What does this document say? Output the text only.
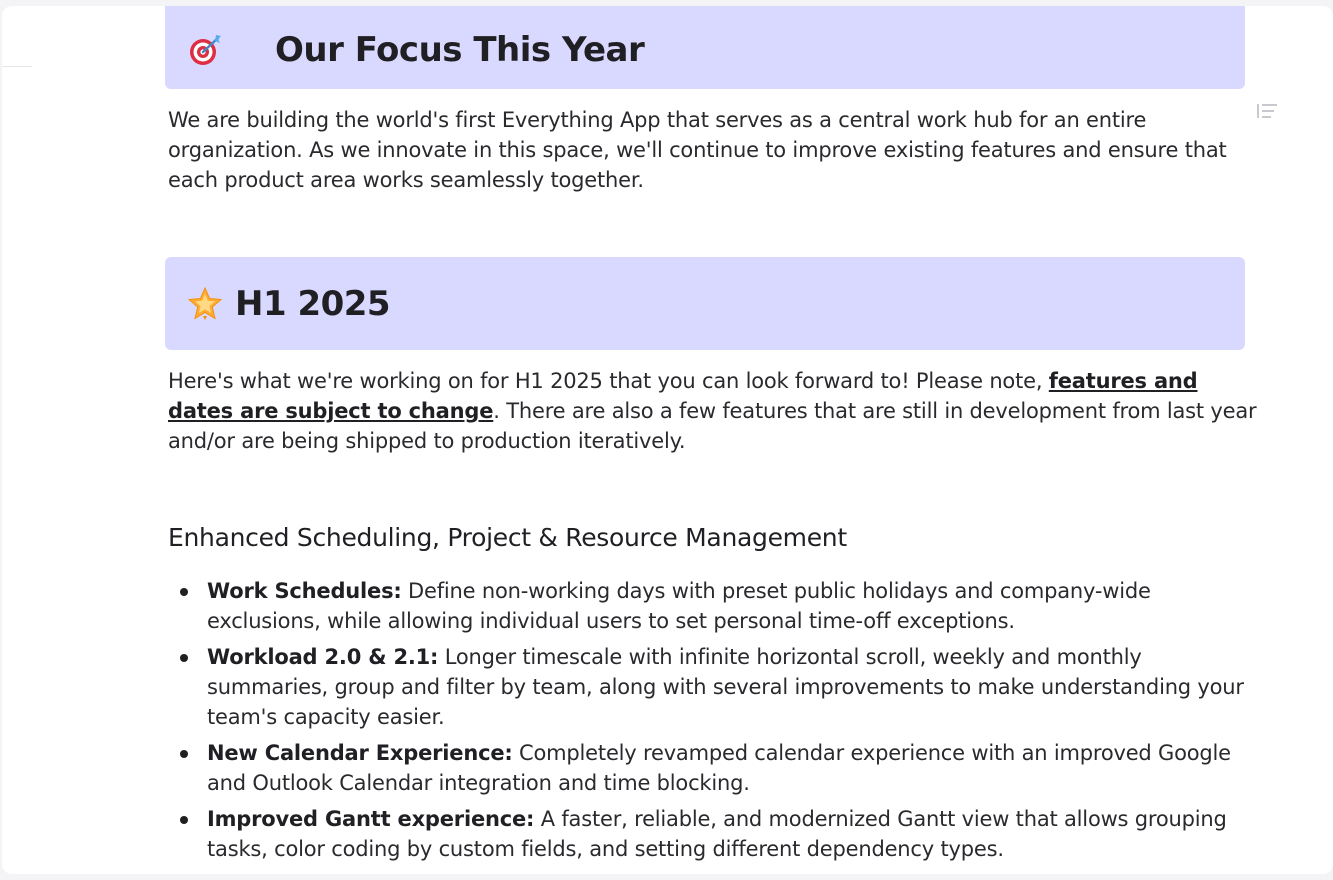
Our Focus This Year
We are building the world's first Everything App that serves as a central work hub for an entire organization. As we innovate in this space, we'll continue to improve existing features and ensure that each product area works seamlessly together.
H1 2025
Here's what we're working on for H1 2025 that you can look forward to! Please note, features and dates are subject to change. There are also a few features that are still in development from last year and/or are being shipped to production iteratively.
Enhanced Scheduling, Project & Resource Management
Work Schedules: Define non-working days with preset public holidays and company-wide exclusions, while allowing individual users to set personal time-off exceptions.
Workload 2.0 & 2.1: Longer timescale with infinite horizontal scroll, weekly and monthly summaries, group and filter by team, along with several improvements to make understanding your team's capacity easier.
New Calendar Experience: Completely revamped calendar experience with an improved Google and Outlook Calendar integration and time blocking.
Improved Gantt experience: A faster, reliable, and modernized Gantt view that allows grouping tasks, color coding by custom fields, and setting different dependency types.
